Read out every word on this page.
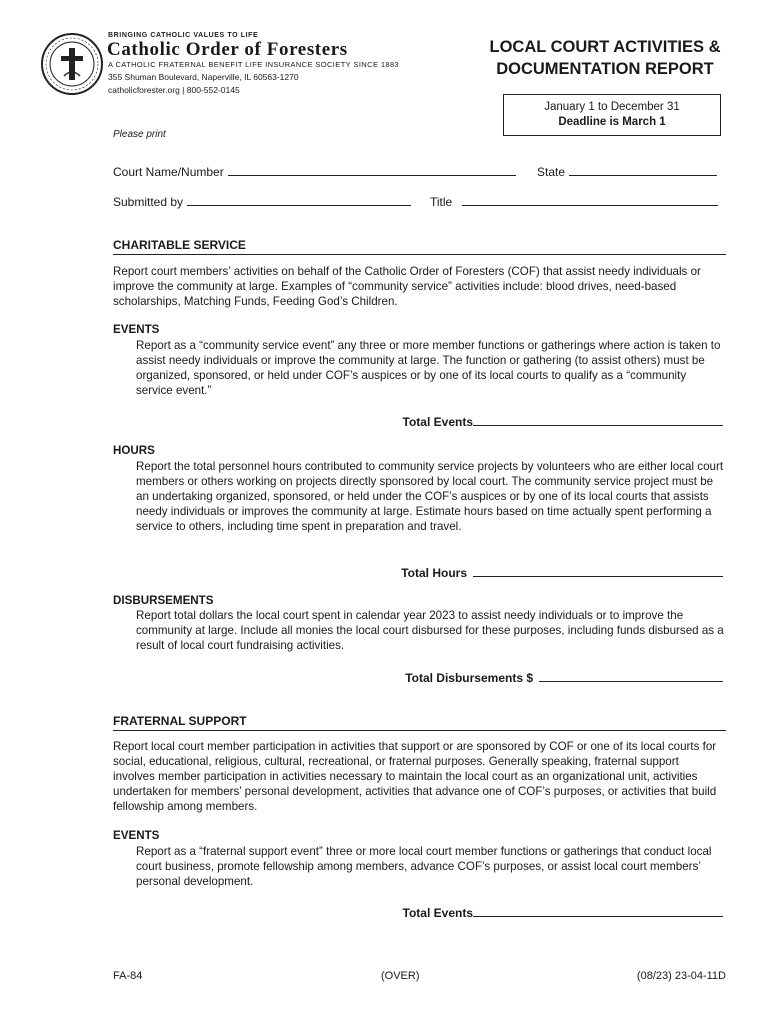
BRINGING CATHOLIC VALUES TO LIFE
Catholic Order of Foresters
A CATHOLIC FRATERNAL BENEFIT LIFE INSURANCE SOCIETY SINCE 1883
355 Shuman Boulevard, Naperville, IL 60563-1270
catholicforester.org | 800-552-0145
LOCAL COURT ACTIVITIES &
DOCUMENTATION REPORT
January 1 to December 31
Deadline is March 1
Please print
Court Name/Number	State
Submitted by	Title
CHARITABLE SERVICE
Report court members’ activities on behalf of the Catholic Order of Foresters (COF) that assist needy individuals or improve the community at large. Examples of “community service” activities include: blood drives, need-based scholarships, Matching Funds, Feeding God’s Children.
EVENTS
Report as a “community service event” any three or more member functions or gatherings where action is taken to assist needy individuals or improve the community at large. The function or gathering (to assist others) must be organized, sponsored, or held under COF’s auspices or by one of its local courts to qualify as a “community service event.”
Total Events
HOURS
Report the total personnel hours contributed to community service projects by volunteers who are either local court members or others working on projects directly sponsored by local court. The community service project must be an undertaking organized, sponsored, or held under the COF’s auspices or by one of its local courts that assists needy individuals or improves the community at large. Estimate hours based on time actually spent performing a service to others, including time spent in preparation and travel.
Total Hours
DISBURSEMENTS
Report total dollars the local court spent in calendar year 2023 to assist needy individuals or to improve the community at large. Include all monies the local court disbursed for these purposes, including funds disbursed as a result of local court fundraising activities.
Total Disbursements $
FRATERNAL SUPPORT
Report local court member participation in activities that support or are sponsored by COF or one of its local courts for social, educational, religious, cultural, recreational, or fraternal purposes. Generally speaking, fraternal support involves member participation in activities necessary to maintain the local court as an organizational unit, activities undertaken for members’ personal development, activities that advance one of COF’s purposes, or activities that build fellowship among members.
EVENTS
Report as a “fraternal support event” three or more local court member functions or gatherings that conduct local court business, promote fellowship among members, advance COF’s purposes, or assist local court members’ personal development.
Total Events
FA-84	(OVER)	(08/23) 23-04-11D
